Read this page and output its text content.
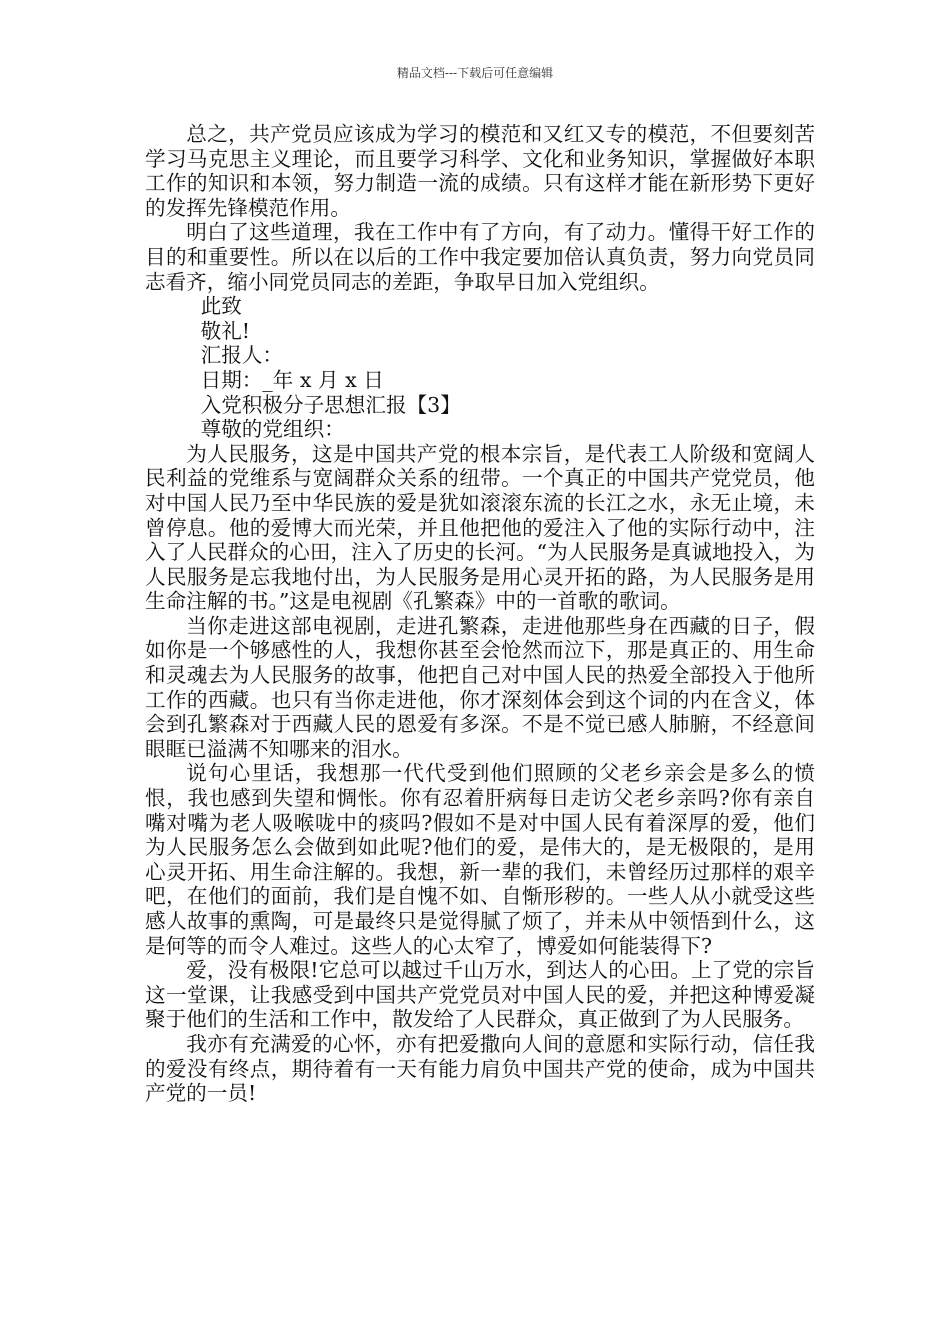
精品文档---下载后可任意编辑

总之，共产党员应该成为学习的模范和又红又专的模范，不但要刻苦学习马克思主义理论，而且要学习科学、文化和业务知识，掌握做好本职工作的知识和本领，努力制造一流的成绩。只有这样才能在新形势下更好的发挥先锋模范作用。

明白了这些道理，我在工作中有了方向，有了动力。懂得干好工作的目的和重要性。所以在以后的工作中我定要加倍认真负责，努力向党员同志看齐，缩小同党员同志的差距，争取早日加入党组织。

此致

敬礼!

汇报人：

日期：_年 x 月 x 日

入党积极分子思想汇报【3】

尊敬的党组织：

为人民服务，这是中国共产党的根本宗旨，是代表工人阶级和宽阔人民利益的党维系与宽阔群众关系的纽带。一个真正的中国共产党党员，他对中国人民乃至中华民族的爱是犹如滚滚东流的长江之水，永无止境，未曾停息。他的爱博大而光荣，并且他把他的爱注入了他的实际行动中，注入了人民群众的心田，注入了历史的长河。“为人民服务是真诚地投入，为人民服务是忘我地付出，为人民服务是用心灵开拓的路，为人民服务是用生命注解的书。”这是电视剧《孔繁森》中的一首歌的歌词。

当你走进这部电视剧，走进孔繁森，走进他那些身在西藏的日子，假如你是一个够感性的人，我想你甚至会怆然而泣下，那是真正的、用生命和灵魂去为人民服务的故事，他把自己对中国人民的热爱全部投入于他所工作的西藏。也只有当你走进他，你才深刻体会到这个词的内在含义，体会到孔繁森对于西藏人民的恩爱有多深。不是不觉已感人肺腑，不经意间眼眶已溢满不知哪来的泪水。

说句心里话，我想那一代代受到他们照顾的父老乡亲会是多么的愤恨，我也感到失望和惆怅。你有忍着肝病每日走访父老乡亲吗?你有亲自嘴对嘴为老人吸喉咙中的痰吗?假如不是对中国人民有着深厚的爱，他们为人民服务怎么会做到如此呢?他们的爱，是伟大的，是无极限的，是用心灵开拓、用生命注解的。我想，新一辈的我们，未曾经历过那样的艰辛吧，在他们的面前，我们是自愧不如、自惭形秽的。一些人从小就受这些感人故事的熏陶，可是最终只是觉得腻了烦了，并未从中领悟到什么，这是何等的而令人难过。这些人的心太窄了，博爱如何能装得下?

爱，没有极限!它总可以越过千山万水，到达人的心田。上了党的宗旨这一堂课，让我感受到中国共产党党员对中国人民的爱，并把这种博爱凝聚于他们的生活和工作中，散发给了人民群众，真正做到了为人民服务。

我亦有充满爱的心怀，亦有把爱撒向人间的意愿和实际行动，信任我的爱没有终点，期待着有一天有能力肩负中国共产党的使命，成为中国共产党的一员!
